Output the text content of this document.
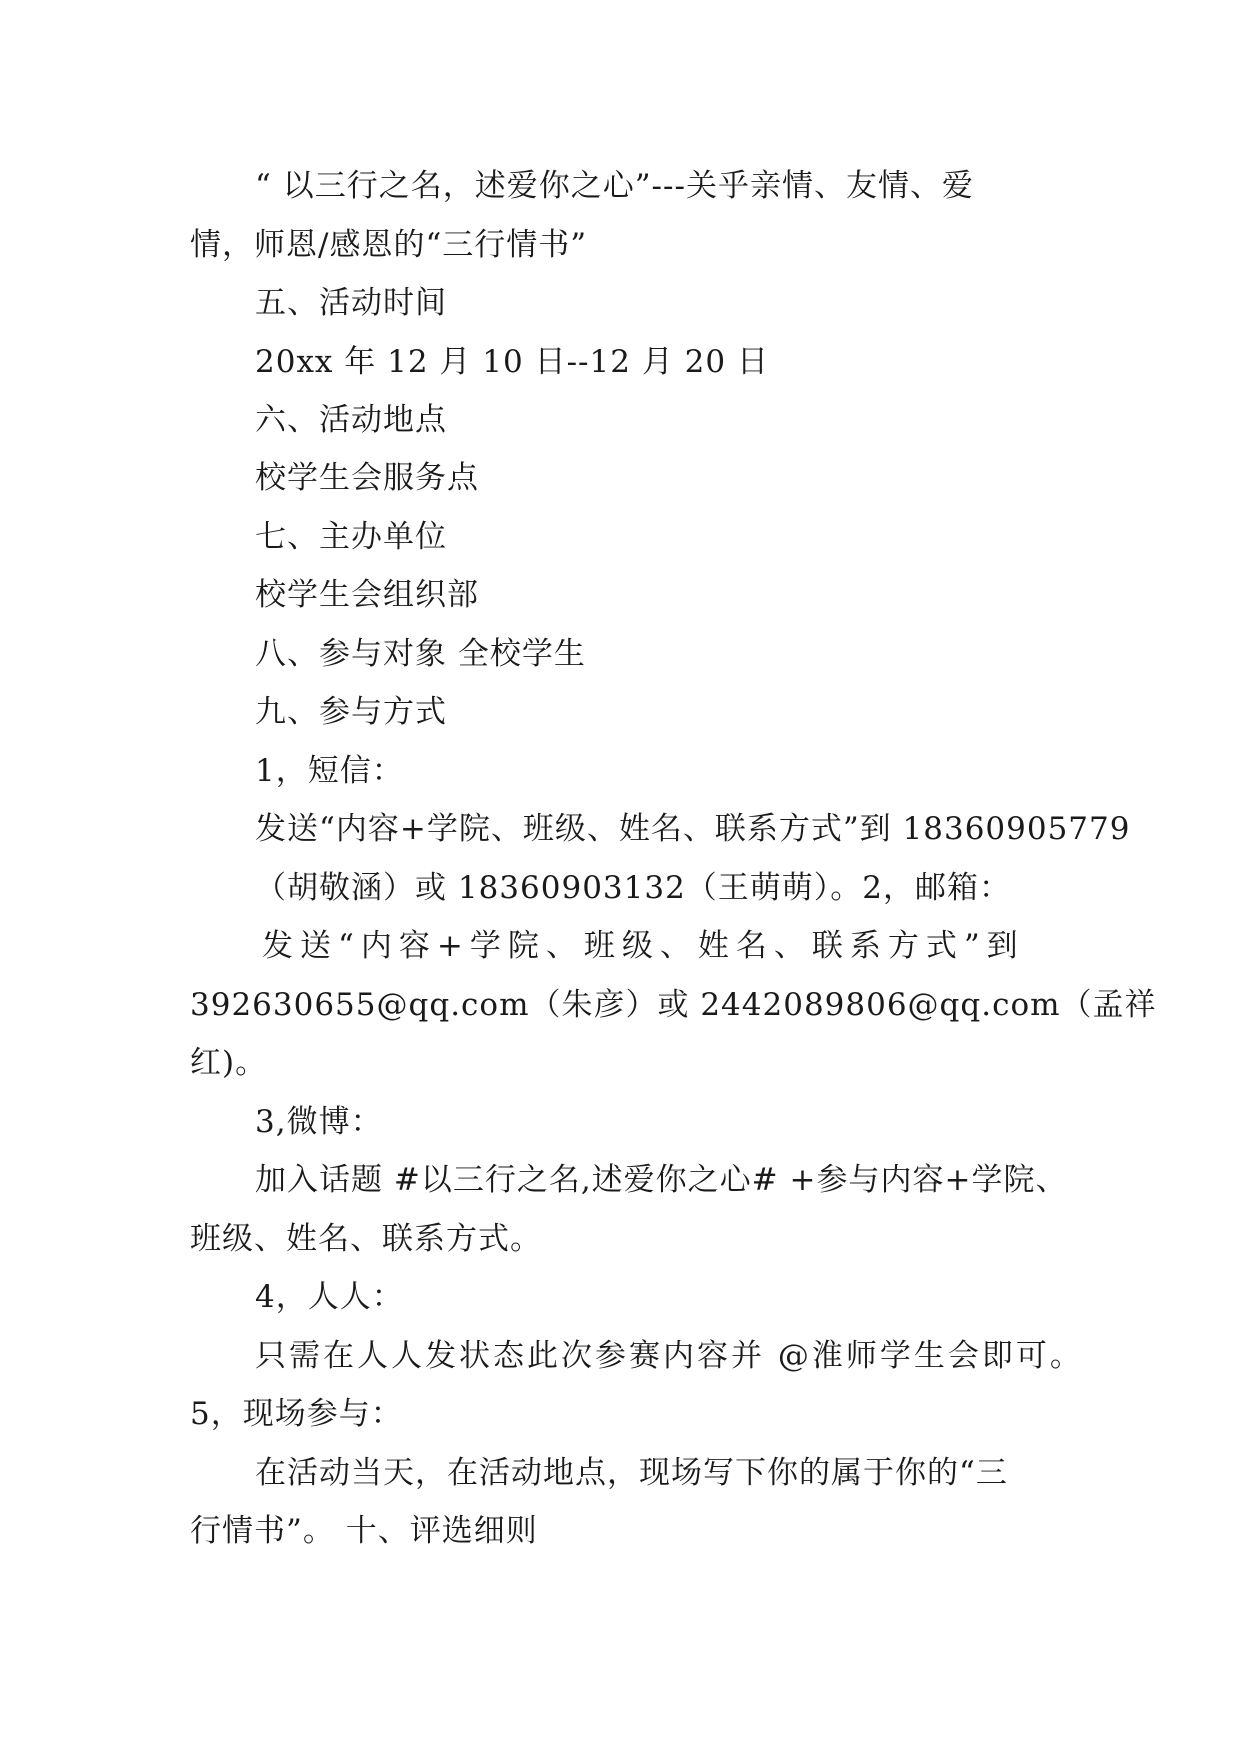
“ 以三行之名，述爱你之心”---关乎亲情、友情、爱
情，师恩/感恩的“三行情书”
五、活动时间
20xx 年 12 月 10 日--12 月 20 日
六、活动地点
校学生会服务点
七、主办单位
校学生会组织部
八、参与对象 全校学生
九、参与方式
1，短信：
发送“内容+学院、班级、姓名、联系方式”到 18360905779
（胡敬涵）或 18360903132（王萌萌）。2，邮箱：
发送“内容+学院、班级、姓名、联系方式”到
392630655@qq.com（朱彦）或 2442089806@qq.com（孟祥
红)。
3,微博：
加入话题 #以三行之名,述爱你之心# +参与内容+学院、
班级、姓名、联系方式。
4，人人：
只需在人人发状态此次参赛内容并 @淮师学生会即可。
5，现场参与：
在活动当天，在活动地点，现场写下你的属于你的“三
行情书”。 十、评选细则
